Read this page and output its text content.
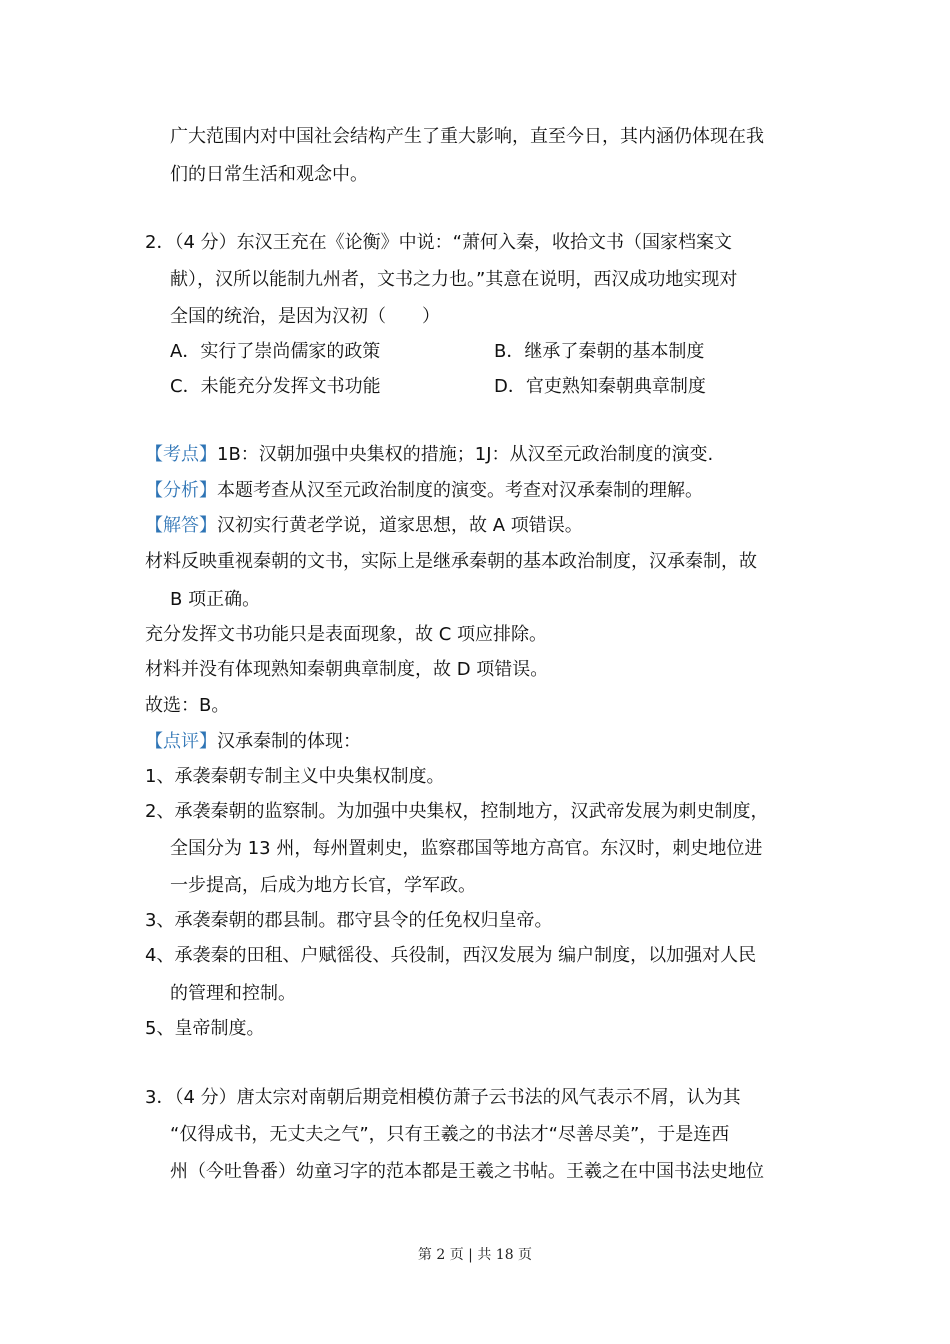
广大范围内对中国社会结构产生了重大影响，直至今日，其内涵仍体现在我
们的日常生活和观念中。
2．（4 分）东汉王充在《论衡》中说：“萧何入秦，收拾文书（国家档案文
献），汉所以能制九州者，文书之力也。”其意在说明，西汉成功地实现对
全国的统治，是因为汉初（　　）
A．实行了崇尚儒家的政策	B．继承了秦朝的基本制度
C．未能充分发挥文书功能	D．官吏熟知秦朝典章制度
【考点】1B：汉朝加强中央集权的措施；1J：从汉至元政治制度的演变.
【分析】本题考查从汉至元政治制度的演变。考查对汉承秦制的理解。
【解答】汉初实行黄老学说，道家思想，故 A 项错误。
材料反映重视秦朝的文书，实际上是继承秦朝的基本政治制度，汉承秦制，故
B 项正确。
充分发挥文书功能只是表面现象，故 C 项应排除。
材料并没有体现熟知秦朝典章制度，故 D 项错误。
故选：B。
【点评】汉承秦制的体现：
1、承袭秦朝专制主义中央集权制度。
2、承袭秦朝的监察制。为加强中央集权，控制地方，汉武帝发展为刺史制度，
全国分为 13 州，每州置刺史，监察郡国等地方高官。东汉时，刺史地位进
一步提高，后成为地方长官，学军政。
3、承袭秦朝的郡县制。郡守县令的任免权归皇帝。
4、承袭秦的田租、户赋徭役、兵役制，西汉发展为 编户制度，以加强对人民
的管理和控制。
5、皇帝制度。
3．（4 分）唐太宗对南朝后期竞相模仿萧子云书法的风气表示不屑，认为其
“仅得成书，无丈夫之气”，只有王羲之的书法才“尽善尽美”，于是连西
州（今吐鲁番）幼童习字的范本都是王羲之书帖。王羲之在中国书法史地位
第 2 页 | 共 18 页
